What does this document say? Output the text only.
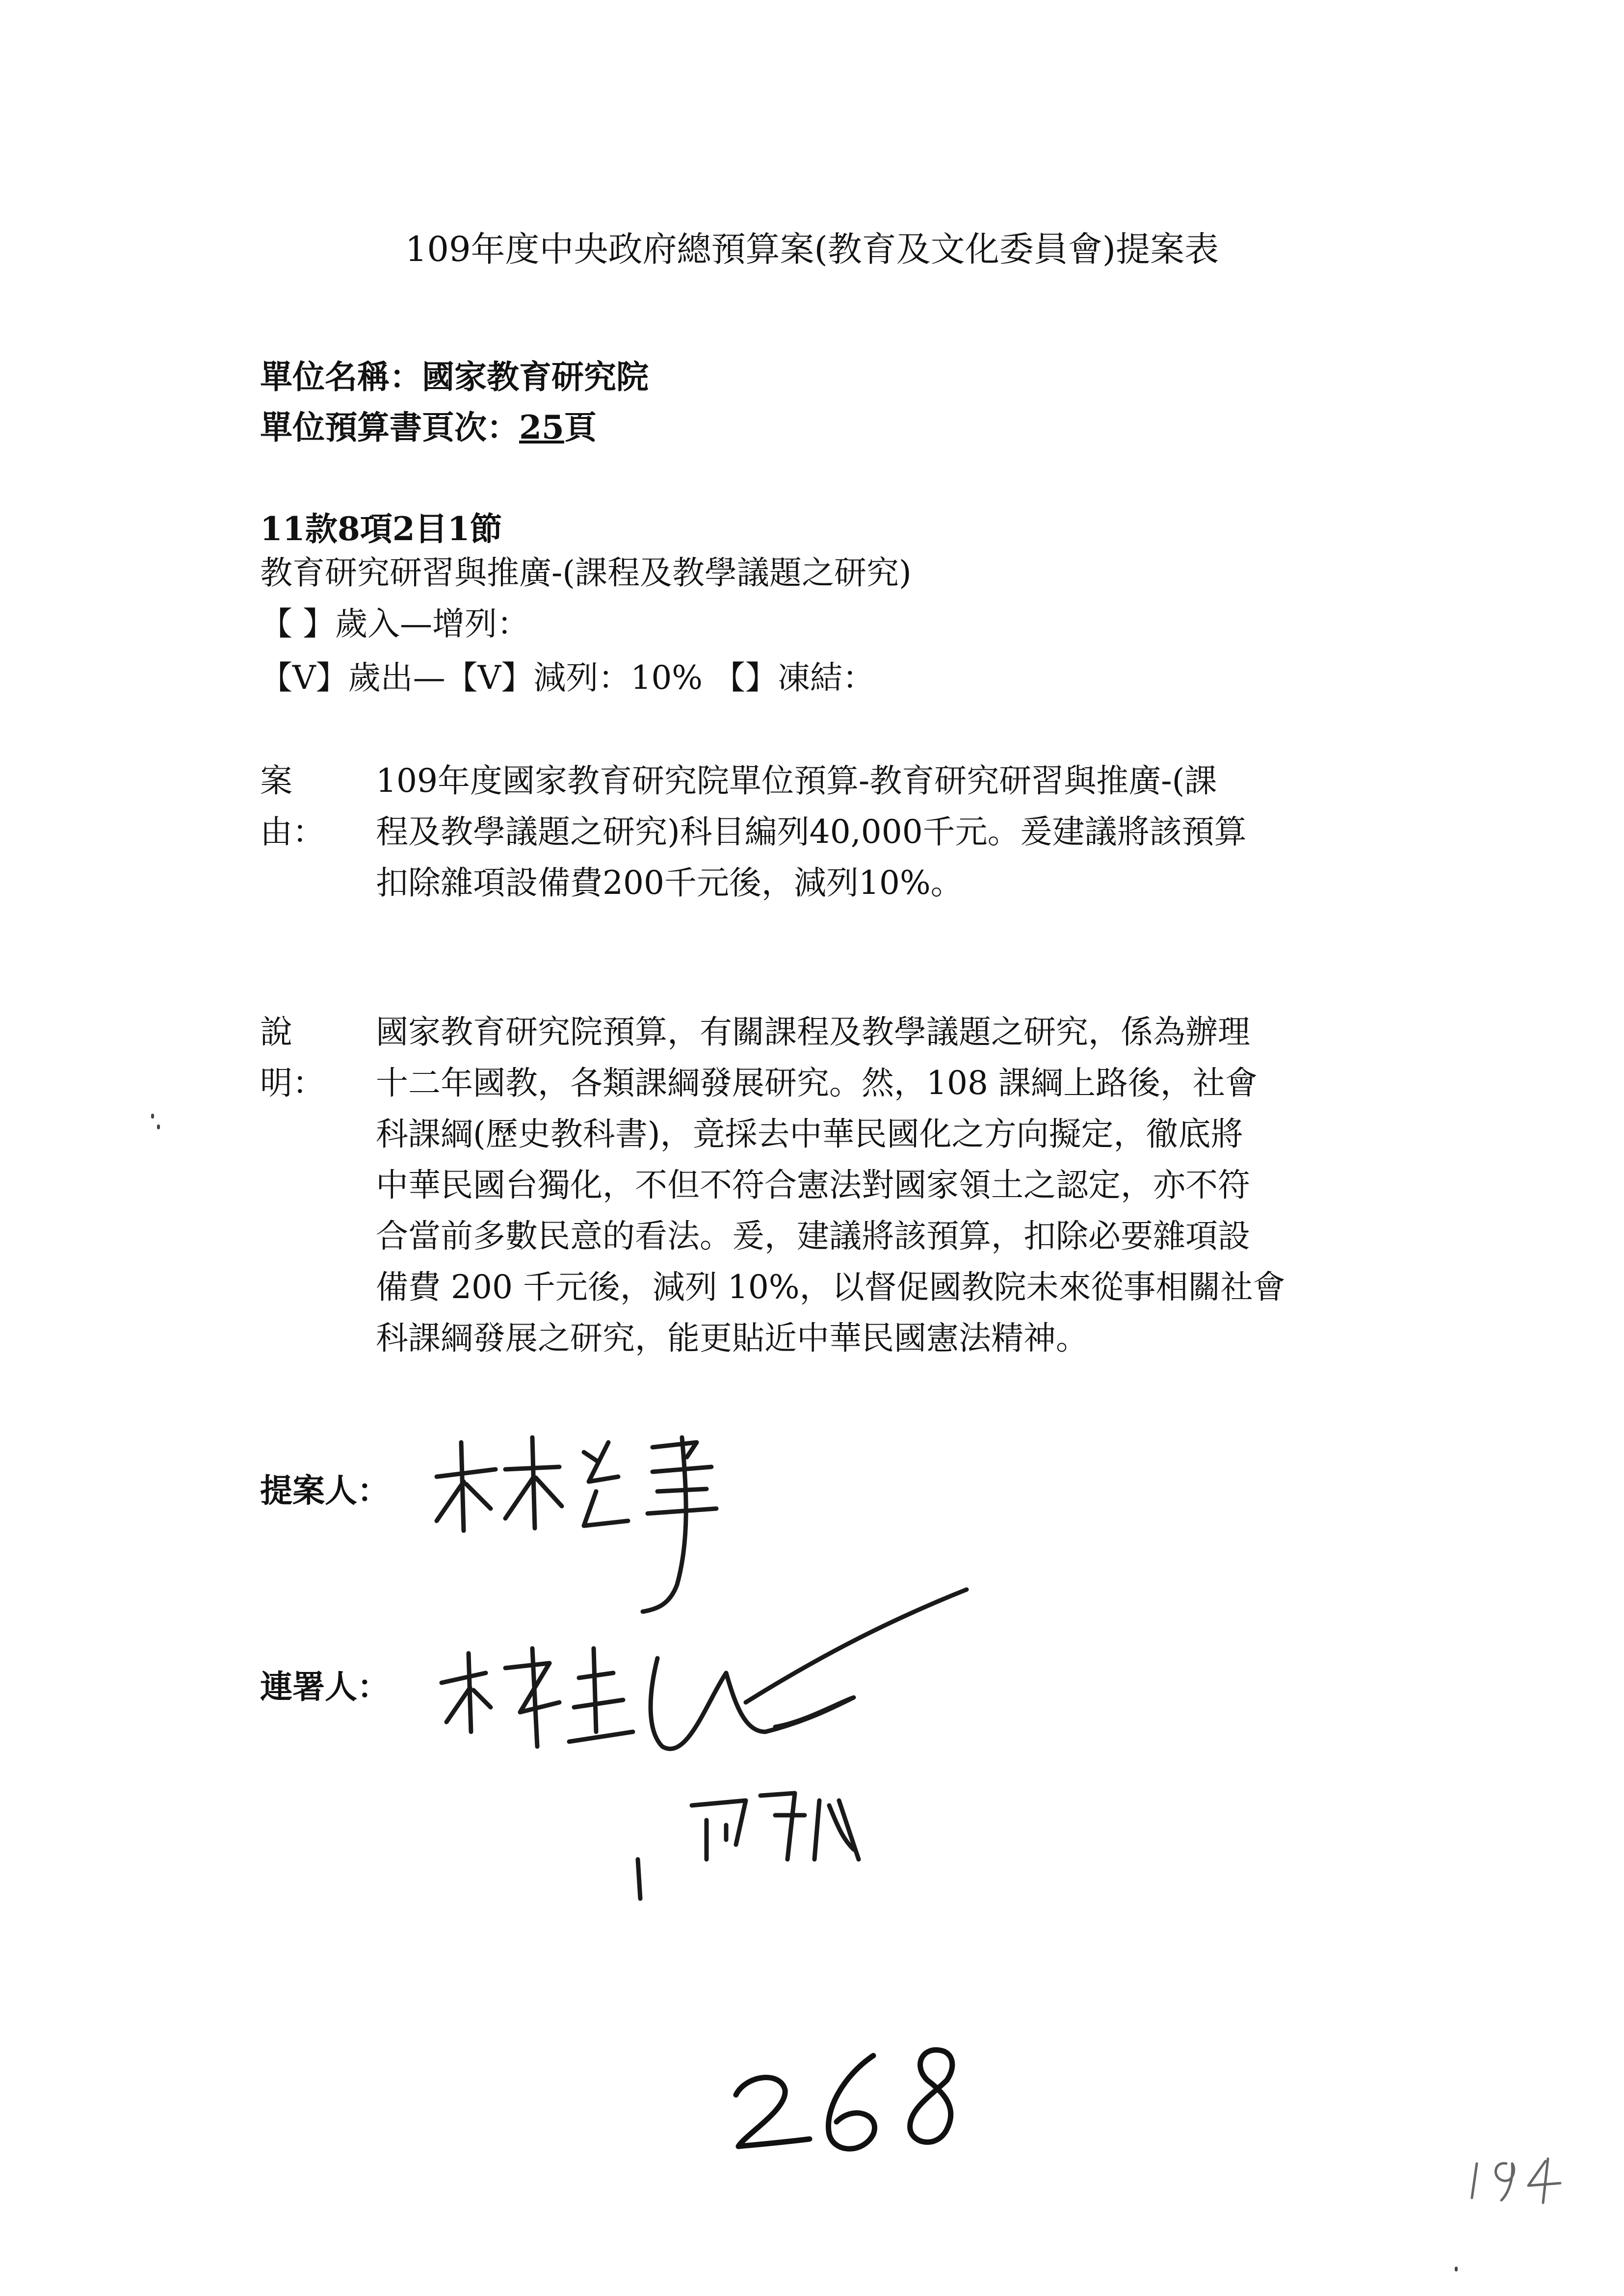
109年度中央政府總預算案(教育及文化委員會)提案表
單位名稱：國家教育研究院
單位預算書頁次：25頁
11款8項2目1節
教育研究研習與推廣-(課程及教學議題之研究)
【 】歲入—增列：
【V】歲出—【V】減列：10% 【】凍結：
案由：
109年度國家教育研究院單位預算-教育研究研習與推廣-(課
程及教學議題之研究)科目編列40,000千元。爰建議將該預算
扣除雜項設備費200千元後，減列10%。
說明：
國家教育研究院預算，有關課程及教學議題之研究，係為辦理
十二年國教，各類課綱發展研究。然，108 課綱上路後，社會
科課綱(歷史教科書)，竟採去中華民國化之方向擬定，徹底將
中華民國台獨化，不但不符合憲法對國家領土之認定，亦不符
合當前多數民意的看法。爰，建議將該預算，扣除必要雜項設
備費 200 千元後，減列 10%，以督促國教院未來從事相關社會
科課綱發展之研究，能更貼近中華民國憲法精神。
提案人：
連署人：
